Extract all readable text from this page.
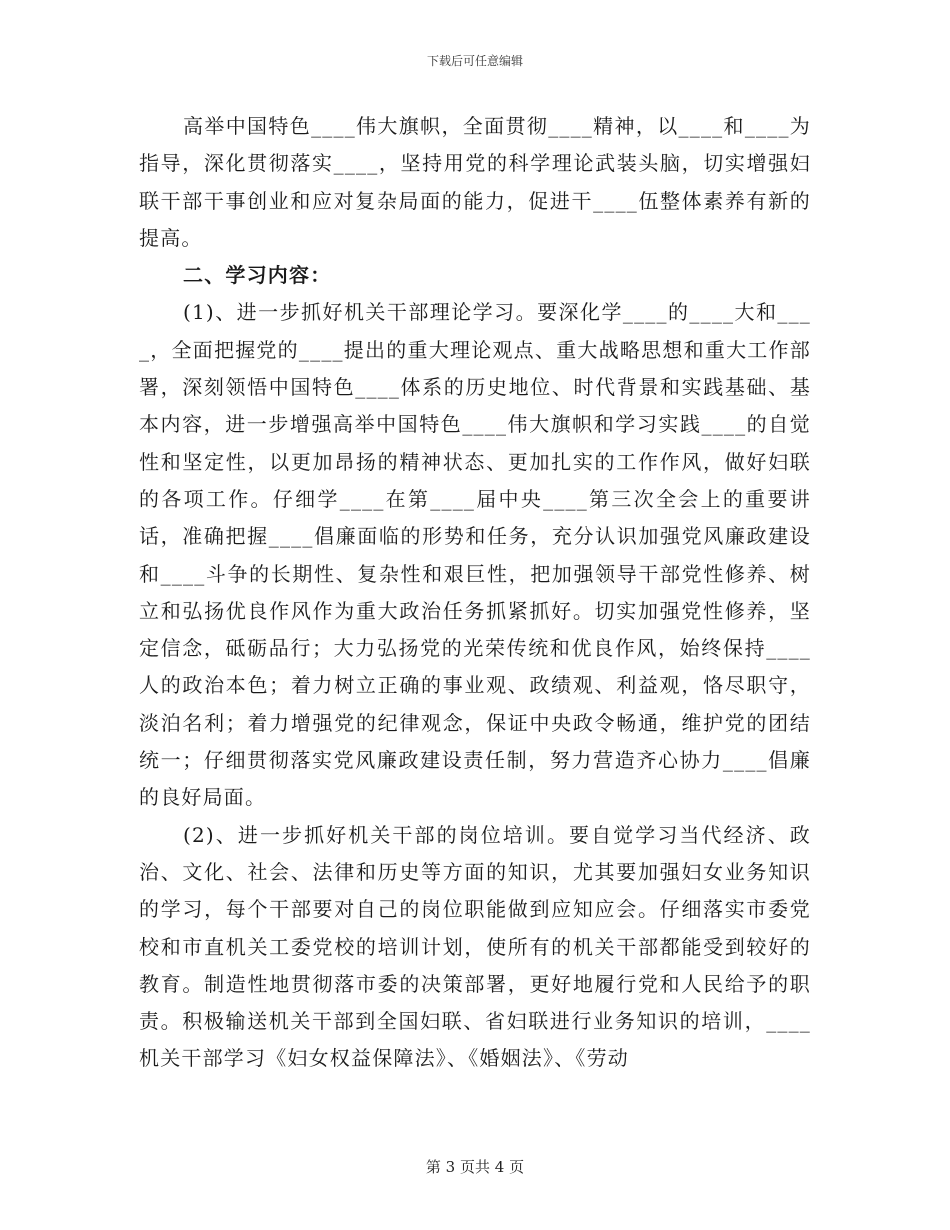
下载后可任意编辑

高举中国特色____伟大旗帜，全面贯彻____精神，以____和____为指导，深化贯彻落实____，坚持用党的科学理论武装头脑，切实增强妇联干部干事创业和应对复杂局面的能力，促进干____伍整体素养有新的提高。

二、学习内容：

(1)、进一步抓好机关干部理论学习。要深化学____的____大和____，全面把握党的____提出的重大理论观点、重大战略思想和重大工作部署，深刻领悟中国特色____体系的历史地位、时代背景和实践基础、基本内容，进一步增强高举中国特色____伟大旗帜和学习实践____的自觉性和坚定性，以更加昂扬的精神状态、更加扎实的工作作风，做好妇联的各项工作。仔细学____在第____届中央____第三次全会上的重要讲话，准确把握____倡廉面临的形势和任务，充分认识加强党风廉政建设和____斗争的长期性、复杂性和艰巨性，把加强领导干部党性修养、树立和弘扬优良作风作为重大政治任务抓紧抓好。切实加强党性修养，坚定信念，砥砺品行；大力弘扬党的光荣传统和优良作风，始终保持____人的政治本色；着力树立正确的事业观、政绩观、利益观，恪尽职守，淡泊名利；着力增强党的纪律观念，保证中央政令畅通，维护党的团结统一；仔细贯彻落实党风廉政建设责任制，努力营造齐心协力____倡廉的良好局面。

(2)、进一步抓好机关干部的岗位培训。要自觉学习当代经济、政治、文化、社会、法律和历史等方面的知识，尤其要加强妇女业务知识的学习，每个干部要对自己的岗位职能做到应知应会。仔细落实市委党校和市直机关工委党校的培训计划，使所有的机关干部都能受到较好的教育。制造性地贯彻落市委的决策部署，更好地履行党和人民给予的职责。积极输送机关干部到全国妇联、省妇联进行业务知识的培训，____机关干部学习《妇女权益保障法》、《婚姻法》、《劳动

第 3 页共 4 页
